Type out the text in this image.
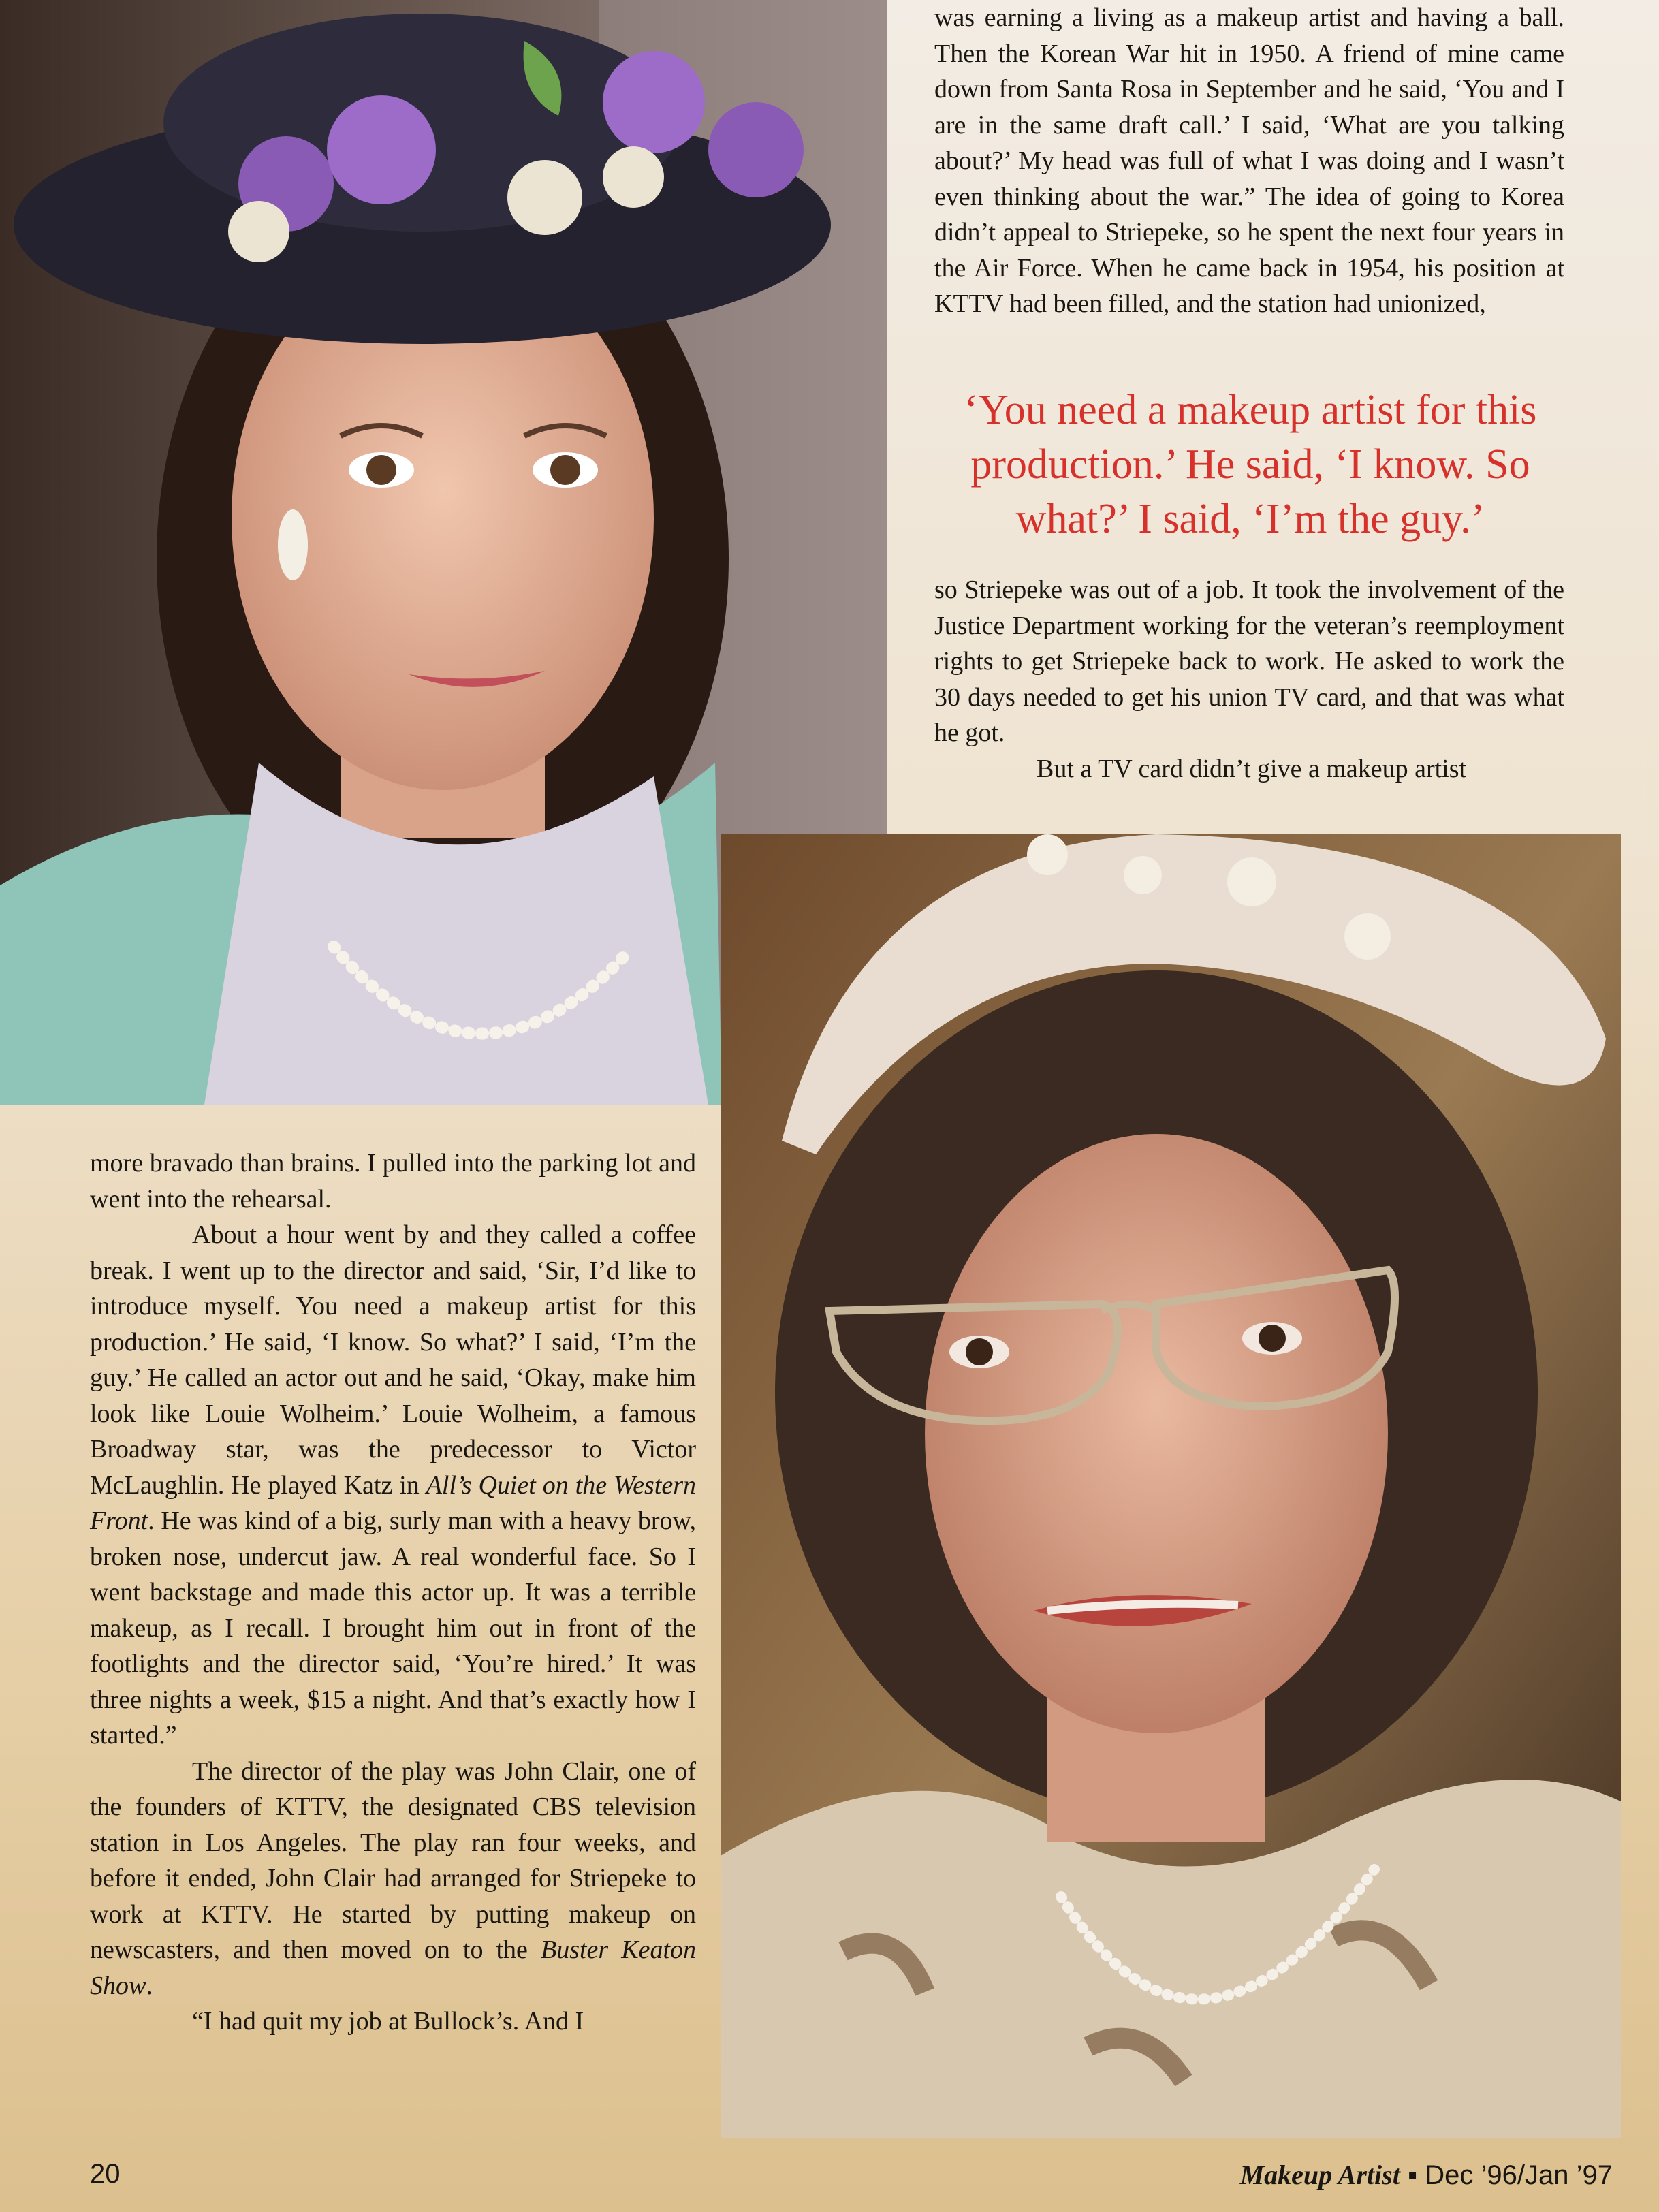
was earning a living as a makeup artist and having a ball. Then the Korean War hit in 1950. A friend of mine came down from Santa Rosa in September and he said, ‘You and I are in the same draft call.’ I said, ‘What are you talking about?’ My head was full of what I was doing and I wasn’t even thinking about the war.” The idea of going to Korea didn’t appeal to Striepeke, so he spent the next four years in the Air Force. When he came back in 1954, his position at KTTV had been filled, and the station had unionized,

‘You need a makeup artist for this production.’ He said, ‘I know. So what?’ I said, ‘I’m the guy.’

so Striepeke was out of a job. It took the involvement of the Justice Department working for the veteran’s reemployment rights to get Striepeke back to work. He asked to work the 30 days needed to get his union TV card, and that was what he got.

But a TV card didn’t give a makeup artist

more bravado than brains. I pulled into the parking lot and went into the rehearsal.

About a hour went by and they called a coffee break. I went up to the director and said, ‘Sir, I’d like to introduce myself. You need a makeup artist for this production.’ He said, ‘I know. So what?’ I said, ‘I’m the guy.’ He called an actor out and he said, ‘Okay, make him look like Louie Wolheim.’ Louie Wolheim, a famous Broadway star, was the predecessor to Victor McLaughlin. He played Katz in All’s Quiet on the Western Front. He was kind of a big, surly man with a heavy brow, broken nose, undercut jaw. A real wonderful face. So I went backstage and made this actor up. It was a terrible makeup, as I recall. I brought him out in front of the footlights and the director said, ‘You’re hired.’ It was three nights a week, $15 a night. And that’s exactly how I started.”

The director of the play was John Clair, one of the founders of KTTV, the designated CBS television station in Los Angeles. The play ran four weeks, and before it ended, John Clair had arranged for Striepeke to work at KTTV. He started by putting makeup on newscasters, and then moved on to the Buster Keaton Show.

“I had quit my job at Bullock’s. And I

20	Makeup Artist ▪ Dec ’96/Jan ’97
